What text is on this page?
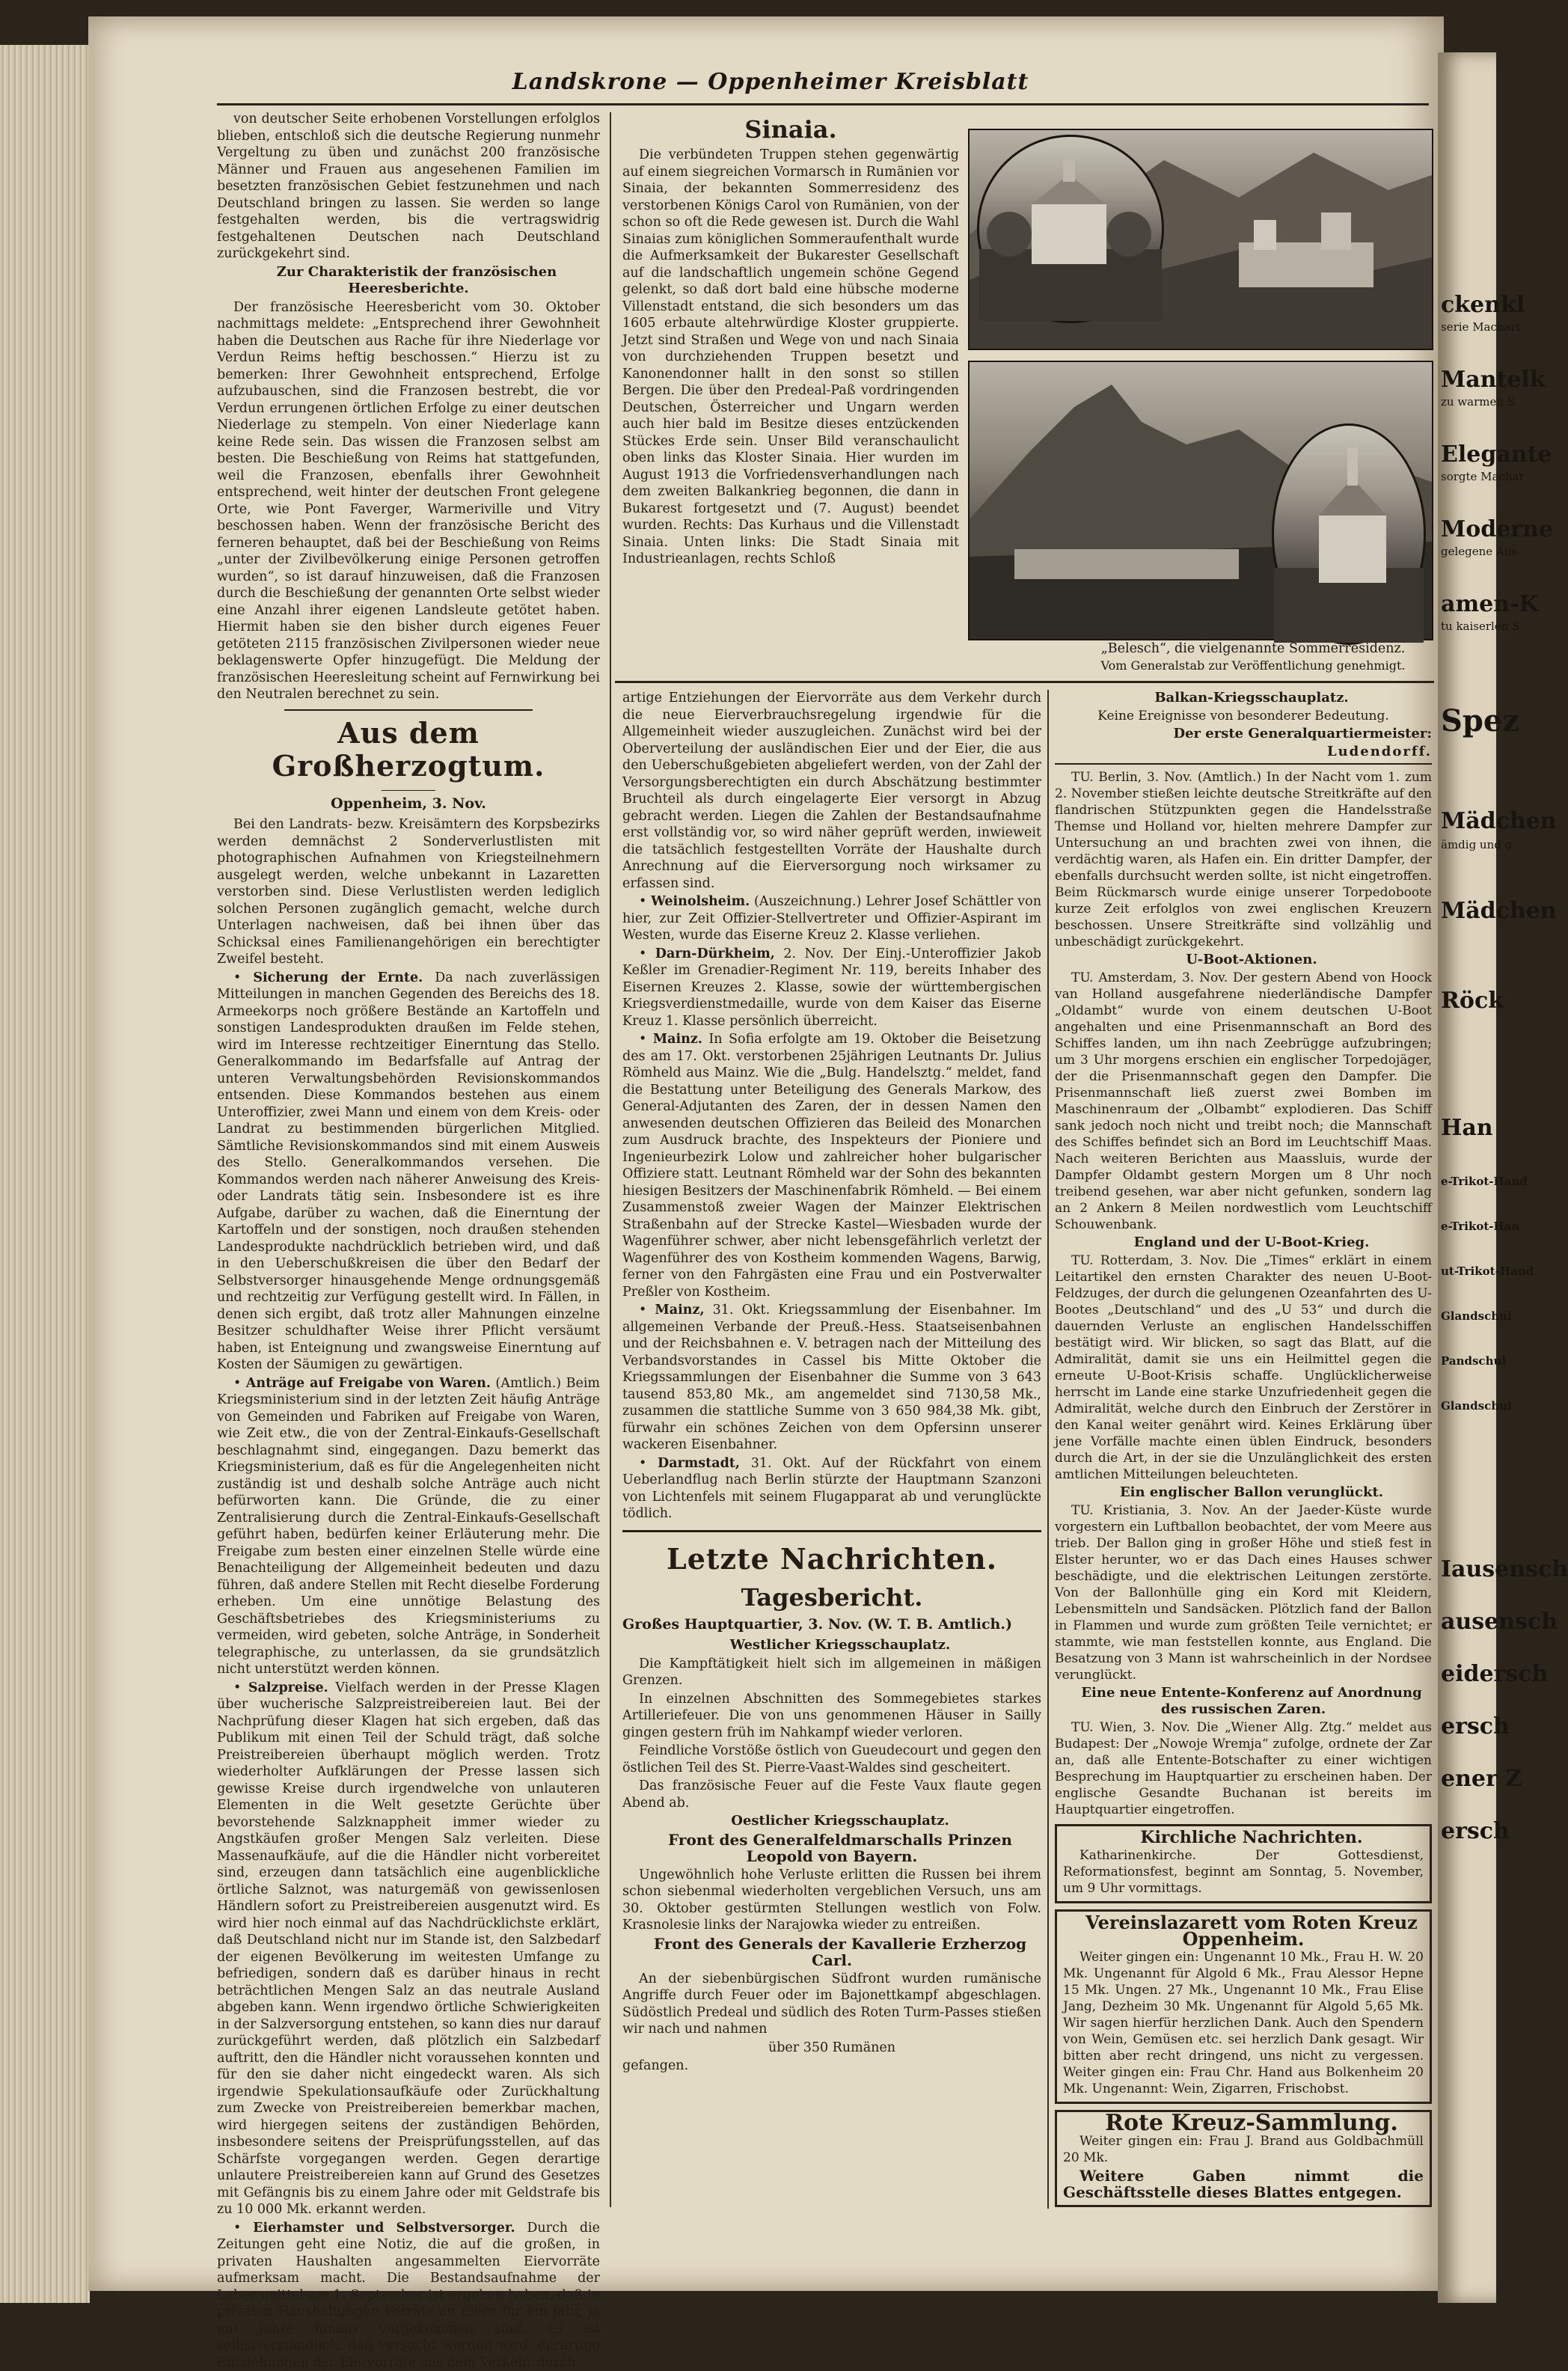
Landskrone — Oppenheimer Kreisblatt

von deutscher Seite erhobenen Vorstellungen erfolglos blieben, entschloß sich die deutsche Regierung nunmehr Vergeltung zu üben und zunächst 200 französische Männer und Frauen aus angesehenen Familien im besetzten französischen Gebiet festzunehmen und nach Deutschland bringen zu lassen. Sie werden so lange festgehalten werden, bis die vertragswidrig festgehaltenen Deutschen nach Deutschland zurückgekehrt sind.

Zur Charakteristik der französischen Heeresberichte.

Der französische Heeresbericht vom 30. Oktober nachmittags meldete: „Entsprechend ihrer Gewohnheit haben die Deutschen aus Rache für ihre Niederlage vor Verdun Reims heftig beschossen.“ Hierzu ist zu bemerken: Ihrer Gewohnheit entsprechend, Erfolge aufzubauschen, sind die Franzosen bestrebt, die vor Verdun errungenen örtlichen Erfolge zu einer deutschen Niederlage zu stempeln. Von einer Niederlage kann keine Rede sein. Das wissen die Franzosen selbst am besten. Die Beschießung von Reims hat stattgefunden, weil die Franzosen, ebenfalls ihrer Gewohnheit entsprechend, weit hinter der deutschen Front gelegene Orte, wie Pont Faverger, Warmeriville und Vitry beschossen haben. Wenn der französische Bericht des ferneren behauptet, daß bei der Beschießung von Reims „unter der Zivilbevölkerung einige Personen getroffen wurden“, so ist darauf hinzuweisen, daß die Franzosen durch die Beschießung der genannten Orte selbst wieder eine Anzahl ihrer eigenen Landsleute getötet haben. Hiermit haben sie den bisher durch eigenes Feuer getöteten 2115 französischen Zivilpersonen wieder neue beklagenswerte Opfer hinzugefügt. Die Meldung der französischen Heeresleitung scheint auf Fernwirkung bei den Neutralen berechnet zu sein.

Aus dem Großherzogtum.
Oppenheim, 3. Nov.

Bei den Landrats- bezw. Kreisämtern des Korpsbezirks werden demnächst 2 Sonderverlustlisten mit photographischen Aufnahmen von Kriegsteilnehmern ausgelegt werden, welche unbekannt in Lazaretten verstorben sind. Diese Verlustlisten werden lediglich solchen Personen zugänglich gemacht, welche durch Unterlagen nachweisen, daß bei ihnen über das Schicksal eines Familienangehörigen ein berechtigter Zweifel besteht.

• Sicherung der Ernte. Da nach zuverlässigen Mitteilungen in manchen Gegenden des Bereichs des 18. Armeekorps noch größere Bestände an Kartoffeln und sonstigen Landesprodukten draußen im Felde stehen, wird im Interesse rechtzeitiger Einerntung das Stello. Generalkommando im Bedarfsfalle auf Antrag der unteren Verwaltungsbehörden Revisionskommandos entsenden. Diese Kommandos bestehen aus einem Unteroffizier, zwei Mann und einem von dem Kreis- oder Landrat zu bestimmenden bürgerlichen Mitglied. Sämtliche Revisionskommandos sind mit einem Ausweis des Stello. Generalkommandos versehen. Die Kommandos werden nach näherer Anweisung des Kreis- oder Landrats tätig sein. Insbesondere ist es ihre Aufgabe, darüber zu wachen, daß die Einerntung der Kartoffeln und der sonstigen, noch draußen stehenden Landesprodukte nachdrücklich betrieben wird, und daß in den Ueberschußkreisen die über den Bedarf der Selbstversorger hinausgehende Menge ordnungsgemäß und rechtzeitig zur Verfügung gestellt wird. In Fällen, in denen sich ergibt, daß trotz aller Mahnungen einzelne Besitzer schuldhafter Weise ihrer Pflicht versäumt haben, ist Enteignung und zwangsweise Einerntung auf Kosten der Säumigen zu gewärtigen.

• Anträge auf Freigabe von Waren. (Amtlich.) Beim Kriegsministerium sind in der letzten Zeit häufig Anträge von Gemeinden und Fabriken auf Freigabe von Waren, wie Zeit etw., die von der Zentral-Einkaufs-Gesellschaft beschlagnahmt sind, eingegangen. Dazu bemerkt das Kriegsministerium, daß es für die Angelegenheiten nicht zuständig ist und deshalb solche Anträge auch nicht befürworten kann. Die Gründe, die zu einer Zentralisierung durch die Zentral-Einkaufs-Gesellschaft geführt haben, bedürfen keiner Erläuterung mehr. Die Freigabe zum besten einer einzelnen Stelle würde eine Benachteiligung der Allgemeinheit bedeuten und dazu führen, daß andere Stellen mit Recht dieselbe Forderung erheben. Um eine unnötige Belastung des Geschäftsbetriebes des Kriegsministeriums zu vermeiden, wird gebeten, solche Anträge, in Sonderheit telegraphische, zu unterlassen, da sie grundsätzlich nicht unterstützt werden können.

• Salzpreise. Vielfach werden in der Presse Klagen über wucherische Salzpreistreibereien laut. Bei der Nachprüfung dieser Klagen hat sich ergeben, daß das Publikum mit einen Teil der Schuld trägt, daß solche Preistreibereien überhaupt möglich werden. Trotz wiederholter Aufklärungen der Presse lassen sich gewisse Kreise durch irgendwelche von unlauteren Elementen in die Welt gesetzte Gerüchte über bevorstehende Salzknappheit immer wieder zu Angstkäufen großer Mengen Salz verleiten. Diese Massenaufkäufe, auf die die Händler nicht vorbereitet sind, erzeugen dann tatsächlich eine augenblickliche örtliche Salznot, was naturgemäß von gewissenlosen Händlern sofort zu Preistreibereien ausgenutzt wird. Es wird hier noch einmal auf das Nachdrücklichste erklärt, daß Deutschland nicht nur im Stande ist, den Salzbedarf der eigenen Bevölkerung im weitesten Umfange zu befriedigen, sondern daß es darüber hinaus in recht beträchtlichen Mengen Salz an das neutrale Ausland abgeben kann. Wenn irgendwo örtliche Schwierigkeiten in der Salzversorgung entstehen, so kann dies nur darauf zurückgeführt werden, daß plötzlich ein Salzbedarf auftritt, den die Händler nicht voraussehen konnten und für den sie daher nicht eingedeckt waren. Als sich irgendwie Spekulationsaufkäufe oder Zurückhaltung zum Zwecke von Preistreibereien bemerkbar machen, wird hiergegen seitens der zuständigen Behörden, insbesondere seitens der Preisprüfungsstellen, auf das Schärfste vorgegangen werden. Gegen derartige unlautere Preistreibereien kann auf Grund des Gesetzes mit Gefängnis bis zu einem Jahre oder mit Geldstrafe bis zu 10 000 Mk. erkannt werden.

• Eierhamster und Selbstversorger. Durch die Zeitungen geht eine Notiz, die auf die großen, in privaten Haushalten angesammelten Eiervorräte aufmerksam macht. Die Bestandsaufnahme der Lebensmittel am 1. September ist ergeben haben, daß in privaten Haushaltungen Vorräte an Eiern für ein Jahr, ja auf Jahre hinaus vorgekommen sind. Es ist selbstverständlich, daß versucht werden wird, derartige Entziehungen der Eiervorräte aus dem Verkehr durch

Sinaia.

Die verbündeten Truppen stehen gegenwärtig auf einem siegreichen Vormarsch in Rumänien vor Sinaia, der bekannten Sommerresidenz des verstorbenen Königs Carol von Rumänien, von der schon so oft die Rede gewesen ist. Durch die Wahl Sinaias zum königlichen Sommeraufenthalt wurde die Aufmerksamkeit der Bukarester Gesellschaft auf die landschaftlich ungemein schöne Gegend gelenkt, so daß dort bald eine hübsche moderne Villenstadt entstand, die sich besonders um das 1605 erbaute altehrwürdige Kloster gruppierte. Jetzt sind Straßen und Wege von und nach Sinaia von durchziehenden Truppen besetzt und Kanonendonner hallt in den sonst so stillen Bergen. Die über den Predeal-Paß vordringenden Deutschen, Österreicher und Ungarn werden auch hier bald im Besitze dieses entzückenden Stückes Erde sein. Unser Bild veranschaulicht oben links das Kloster Sinaia. Hier wurden im August 1913 die Vorfriedensverhandlungen nach dem zweiten Balkankrieg begonnen, die dann in Bukarest fortgesetzt und (7. August) beendet wurden. Rechts: Das Kurhaus und die Villenstadt Sinaia. Unten links: Die Stadt Sinaia mit Industrieanlagen, rechts Schloß

„Belesch“, die vielgenannte Sommerresidenz.
Vom Generalstab zur Veröffentlichung genehmigt.

artige Entziehungen der Eiervorräte aus dem Verkehr durch die neue Eierverbrauchsregelung irgendwie für die Allgemeinheit wieder auszugleichen. Zunächst wird bei der Oberverteilung der ausländischen Eier und der Eier, die aus den Ueberschußgebieten abgeliefert werden, von der Zahl der Versorgungsberechtigten ein durch Abschätzung bestimmter Bruchteil als durch eingelagerte Eier versorgt in Abzug gebracht werden. Liegen die Zahlen der Bestandsaufnahme erst vollständig vor, so wird näher geprüft werden, inwieweit die tatsächlich festgestellten Vorräte der Haushalte durch Anrechnung auf die Eierversorgung noch wirksamer zu erfassen sind.

• Weinolsheim. (Auszeichnung.) Lehrer Josef Schättler von hier, zur Zeit Offizier-Stellvertreter und Offizier-Aspirant im Westen, wurde das Eiserne Kreuz 2. Klasse verliehen.

• Darn-Dürkheim, 2. Nov. Der Einj.-Unteroffizier Jakob Keßler im Grenadier-Regiment Nr. 119, bereits Inhaber des Eisernen Kreuzes 2. Klasse, sowie der württembergischen Kriegsverdienstmedaille, wurde von dem Kaiser das Eiserne Kreuz 1. Klasse persönlich überreicht.

• Mainz. In Sofia erfolgte am 19. Oktober die Beisetzung des am 17. Okt. verstorbenen 25jährigen Leutnants Dr. Julius Römheld aus Mainz. Wie die „Bulg. Handelsztg.“ meldet, fand die Bestattung unter Beteiligung des Generals Markow, des General-Adjutanten des Zaren, der in dessen Namen den anwesenden deutschen Offizieren das Beileid des Monarchen zum Ausdruck brachte, des Inspekteurs der Pioniere und Ingenieurbezirk Lolow und zahlreicher hoher bulgarischer Offiziere statt. Leutnant Römheld war der Sohn des bekannten hiesigen Besitzers der Maschinenfabrik Römheld. — Bei einem Zusammenstoß zweier Wagen der Mainzer Elektrischen Straßenbahn auf der Strecke Kastel—Wiesbaden wurde der Wagenführer schwer, aber nicht lebensgefährlich verletzt der Wagenführer des von Kostheim kommenden Wagens, Barwig, ferner von den Fahrgästen eine Frau und ein Postverwalter Preßler von Kostheim.

• Mainz, 31. Okt. Kriegssammlung der Eisenbahner. Im allgemeinen Verbande der Preuß.-Hess. Staatseisenbahnen und der Reichsbahnen e. V. betragen nach der Mitteilung des Verbandsvorstandes in Cassel bis Mitte Oktober die Kriegssammlungen der Eisenbahner die Summe von 3 643 tausend 853,80 Mk., am angemeldet sind 7130,58 Mk., zusammen die stattliche Summe von 3 650 984,38 Mk. gibt, fürwahr ein schönes Zeichen von dem Opfersinn unserer wackeren Eisenbahner.

• Darmstadt, 31. Okt. Auf der Rückfahrt von einem Ueberlandflug nach Berlin stürzte der Hauptmann Szanzoni von Lichtenfels mit seinem Flugapparat ab und verunglückte tödlich.

Letzte Nachrichten.
Tagesbericht.
Großes Hauptquartier, 3. Nov. (W. T. B. Amtlich.)

Westlicher Kriegsschauplatz.

Die Kampftätigkeit hielt sich im allgemeinen in mäßigen Grenzen.

In einzelnen Abschnitten des Sommegebietes starkes Artilleriefeuer. Die von uns genommenen Häuser in Sailly gingen gestern früh im Nahkampf wieder verloren.

Feindliche Vorstöße östlich von Gueudecourt und gegen den östlichen Teil des St. Pierre-Vaast-Waldes sind gescheitert.

Das französische Feuer auf die Feste Vaux flaute gegen Abend ab.

Oestlicher Kriegsschauplatz.

Front des Generalfeldmarschalls Prinzen Leopold von Bayern.

Ungewöhnlich hohe Verluste erlitten die Russen bei ihrem schon siebenmal wiederholten vergeblichen Versuch, uns am 30. Oktober gestürmten Stellungen westlich von Folw. Krasnolesie links der Narajowka wieder zu entreißen.

Front des Generals der Kavallerie Erzherzog Carl.

An der siebenbürgischen Südfront wurden rumänische Angriffe durch Feuer oder im Bajonettkampf abgeschlagen. Südöstlich Predeal und südlich des Roten Turm-Passes stießen wir nach und nahmen

über 350 Rumänen

gefangen.

Balkan-Kriegsschauplatz.

Keine Ereignisse von besonderer Bedeutung.

Der erste Generalquartiermeister:

Ludendorff.

TU. Berlin, 3. Nov. (Amtlich.) In der Nacht vom 1. zum 2. November stießen leichte deutsche Streitkräfte auf den flandrischen Stützpunkten gegen die Handelsstraße Themse und Holland vor, hielten mehrere Dampfer zur Untersuchung an und brachten zwei von ihnen, die verdächtig waren, als Hafen ein. Ein dritter Dampfer, der ebenfalls durchsucht werden sollte, ist nicht eingetroffen. Beim Rückmarsch wurde einige unserer Torpedoboote kurze Zeit erfolglos von zwei englischen Kreuzern beschossen. Unsere Streitkräfte sind vollzählig und unbeschädigt zurückgekehrt.

U-Boot-Aktionen.

TU. Amsterdam, 3. Nov. Der gestern Abend von Hoock van Holland ausgefahrene niederländische Dampfer „Oldambt“ wurde von einem deutschen U-Boot angehalten und eine Prisenmannschaft an Bord des Schiffes landen, um ihn nach Zeebrügge aufzubringen; um 3 Uhr morgens erschien ein englischer Torpedojäger, der die Prisenmannschaft gegen den Dampfer. Die Prisenmannschaft ließ zuerst zwei Bomben im Maschinenraum der „Olbambt“ explodieren. Das Schiff sank jedoch noch nicht und treibt noch; die Mannschaft des Schiffes befindet sich an Bord im Leuchtschiff Maas. Nach weiteren Berichten aus Maassluis, wurde der Dampfer Oldambt gestern Morgen um 8 Uhr noch treibend gesehen, war aber nicht gefunken, sondern lag an 2 Ankern 8 Meilen nordwestlich vom Leuchtschiff Schouwenbank.

England und der U-Boot-Krieg.

TU. Rotterdam, 3. Nov. Die „Times“ erklärt in einem Leitartikel den ernsten Charakter des neuen U-Boot-Feldzuges, der durch die gelungenen Ozeanfahrten des U-Bootes „Deutschland“ und des „U 53“ und durch die dauernden Verluste an englischen Handelsschiffen bestätigt wird. Wir blicken, so sagt das Blatt, auf die Admiralität, damit sie uns ein Heilmittel gegen die erneute U-Boot-Krisis schaffe. Unglücklicherweise herrscht im Lande eine starke Unzufriedenheit gegen die Admiralität, welche durch den Einbruch der Zerstörer in den Kanal weiter genährt wird. Keines Erklärung über jene Vorfälle machte einen üblen Eindruck, besonders durch die Art, in der sie die Unzulänglichkeit des ersten amtlichen Mitteilungen beleuchteten.

Ein englischer Ballon verunglückt.

TU. Kristiania, 3. Nov. An der Jaeder-Küste wurde vorgestern ein Luftballon beobachtet, der vom Meere aus trieb. Der Ballon ging in großer Höhe und stieß fest in Elster herunter, wo er das Dach eines Hauses schwer beschädigte, und die elektrischen Leitungen zerstörte. Von der Ballonhülle ging ein Kord mit Kleidern, Lebensmitteln und Sandsäcken. Plötzlich fand der Ballon in Flammen und wurde zum größten Teile vernichtet; er stammte, wie man feststellen konnte, aus England. Die Besatzung von 3 Mann ist wahrscheinlich in der Nordsee verunglückt.

Eine neue Entente-Konferenz auf Anordnung des russischen Zaren.

TU. Wien, 3. Nov. Die „Wiener Allg. Ztg.“ meldet aus Budapest: Der „Nowoje Wremja“ zufolge, ordnete der Zar an, daß alle Entente-Botschafter zu einer wichtigen Besprechung im Hauptquartier zu erscheinen haben. Der englische Gesandte Buchanan ist bereits im Hauptquartier eingetroffen.

Kirchliche Nachrichten.

Katharinenkirche. Der Gottesdienst, Reformationsfest, beginnt am Sonntag, 5. November, um 9 Uhr vormittags.

Vereinslazarett vom Roten Kreuz Oppenheim.

Weiter gingen ein: Ungenannt 10 Mk., Frau H. W. 20 Mk. Ungenannt für Algold 6 Mk., Frau Alessor Hepne 15 Mk. Ungen. 27 Mk., Ungenannt 10 Mk., Frau Elise Jang, Dezheim 30 Mk. Ungenannt für Algold 5,65 Mk. Wir sagen hierfür herzlichen Dank. Auch den Spendern von Wein, Gemüsen etc. sei herzlich Dank gesagt. Wir bitten aber recht dringend, uns nicht zu vergessen. Weiter gingen ein: Frau Chr. Hand aus Bolkenheim 20 Mk. Ungenannt: Wein, Zigarren, Frischobst.

Rote Kreuz-Sammlung.

Weiter gingen ein: Frau J. Brand aus Goldbachmüll 20 Mk.

Weitere Gaben nimmt die Geschäftsstelle dieses Blattes entgegen.

ckenkl
serie Machart
Mantelk
zu warmen S
Elegante
sorgte Machar
Moderne
gelegene Aus
amen-K
tu kaiserlen S
Spez
Mädchen
ämdig und g
Mädchen
Röck
Han
e-Trikot-Hand
e-Trikot-Han
ut-Trikot-Hand
Glandschul
Pandschul
Glandschul
Iausensch
ausensch
eidersch
ersch
ener Z
ersch
